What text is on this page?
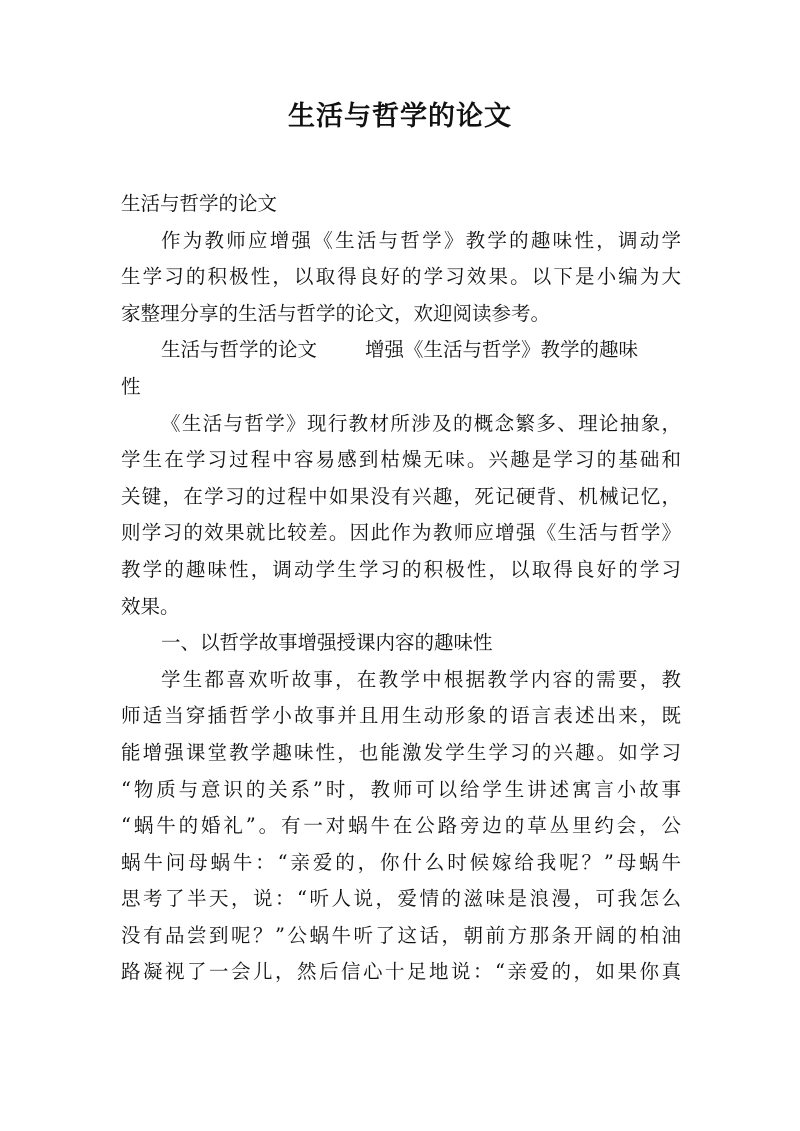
生活与哲学的论文
生活与哲学的论文
作为教师应增强《生活与哲学》教学的趣味性，调动学
生学习的积极性，以取得良好的学习效果。以下是小编为大
家整理分享的生活与哲学的论文，欢迎阅读参考。
生活与哲学的论文 增强《生活与哲学》教学的趣味
性
《生活与哲学》现行教材所涉及的概念繁多、理论抽象，
学生在学习过程中容易感到枯燥无味。兴趣是学习的基础和
关键，在学习的过程中如果没有兴趣，死记硬背、机械记忆，
则学习的效果就比较差。因此作为教师应增强《生活与哲学》
教学的趣味性，调动学生学习的积极性，以取得良好的学习
效果。
一、以哲学故事增强授课内容的趣味性
学生都喜欢听故事，在教学中根据教学内容的需要，教
师适当穿插哲学小故事并且用生动形象的语言表述出来，既
能增强课堂教学趣味性，也能激发学生学习的兴趣。如学习
“物质与意识的关系”时，教师可以给学生讲述寓言小故事
“蜗牛的婚礼”。有一对蜗牛在公路旁边的草丛里约会，公
蜗牛问母蜗牛：“亲爱的，你什么时候嫁给我呢？”母蜗牛
思考了半天，说：“听人说，爱情的滋味是浪漫，可我怎么
没有品尝到呢？”公蜗牛听了这话，朝前方那条开阔的柏油
路凝视了一会儿，然后信心十足地说：“亲爱的，如果你真
